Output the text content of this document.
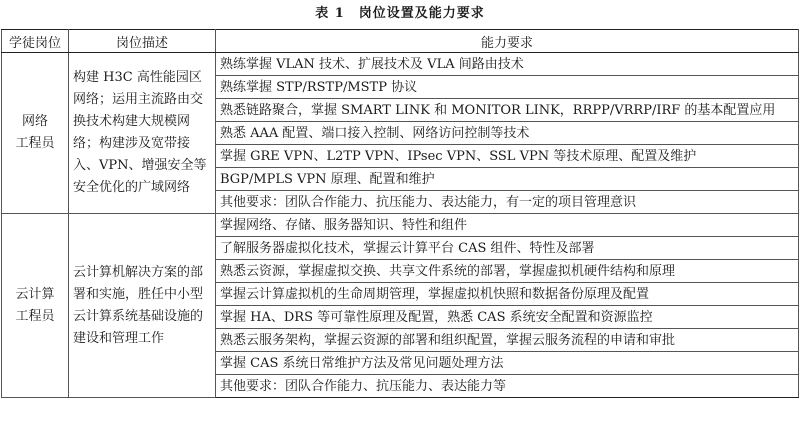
表 1　岗位设置及能力要求
学徒岗位	岗位描述	能力要求
网络
工程员	构建 H3C 高性能园区网络；运用主流路由交换技术构建大规模网络；构建涉及宽带接入、VPN、增强安全等安全优化的广域网络	熟练掌握 VLAN 技术、扩展技术及 VLA 间路由技术
		熟练掌握 STP/RSTP/MSTP 协议
		熟悉链路聚合，掌握 SMART LINK 和 MONITOR LINK，RRPP/VRRP/IRF 的基本配置应用
		熟悉 AAA 配置、端口接入控制、网络访问控制等技术
		掌握 GRE VPN、L2TP VPN、IPsec VPN、SSL VPN 等技术原理、配置及维护
		BGP/MPLS VPN 原理、配置和维护
		其他要求：团队合作能力、抗压能力、表达能力，有一定的项目管理意识
云计算
工程员	云计算机解决方案的部署和实施，胜任中小型云计算系统基础设施的建设和管理工作	掌握网络、存储、服务器知识、特性和组件
		了解服务器虚拟化技术，掌握云计算平台 CAS 组件、特性及部署
		熟悉云资源，掌握虚拟交换、共享文件系统的部署，掌握虚拟机硬件结构和原理
		掌握云计算虚拟机的生命周期管理，掌握虚拟机快照和数据备份原理及配置
		掌握 HA、DRS 等可靠性原理及配置，熟悉 CAS 系统安全配置和资源监控
		熟悉云服务架构，掌握云资源的部署和组织配置，掌握云服务流程的申请和审批
		掌握 CAS 系统日常维护方法及常见问题处理方法
		其他要求：团队合作能力、抗压能力、表达能力等
